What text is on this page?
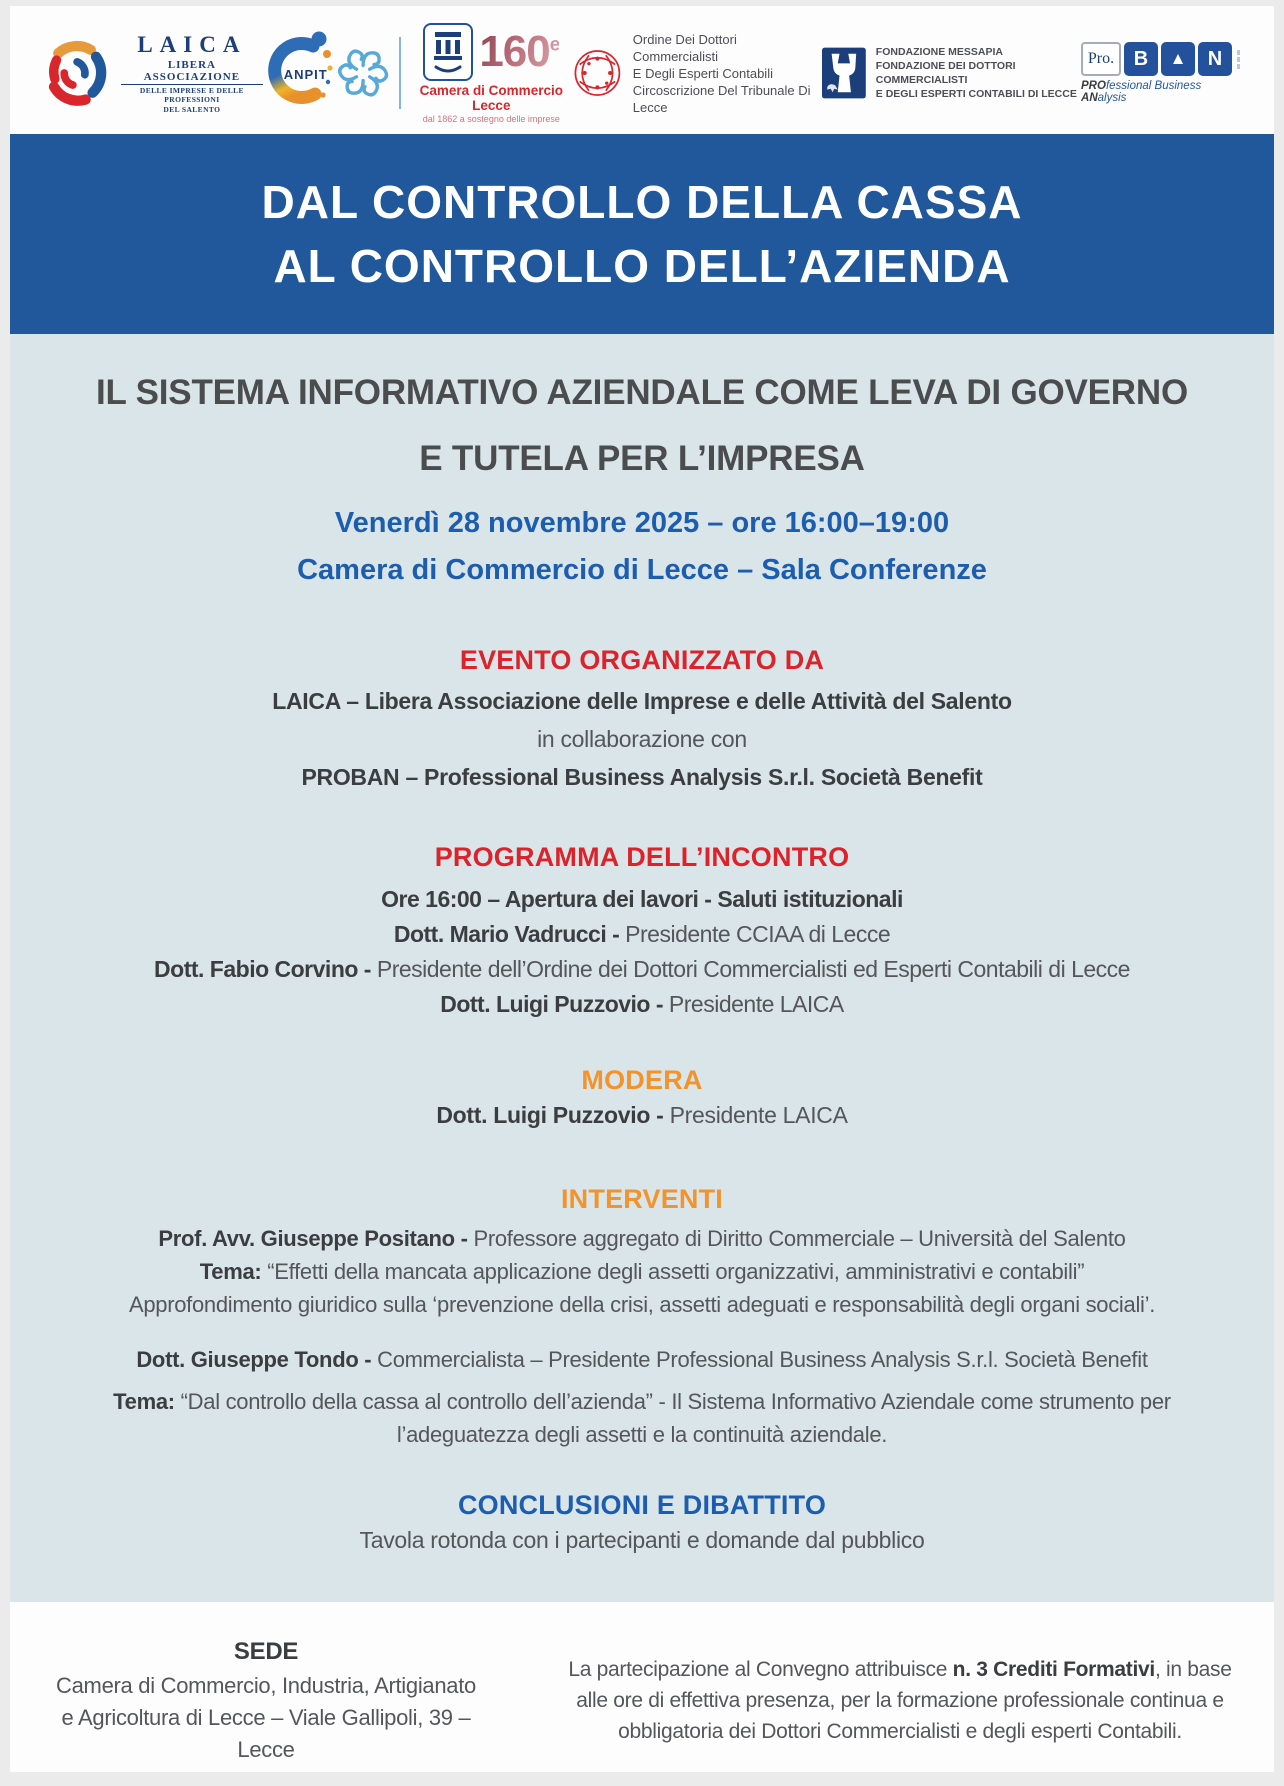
LAICA
LIBERA ASSOCIAZIONE
DELLE IMPRESE E DELLE PROFESSIONI
DEL SALENTO
ANPIT	160e
Camera di Commercio Lecce
dal 1862 a sostegno delle imprese
Ordine Dei Dottori Commercialisti
E Degli Esperti Contabili
Circoscrizione Del Tribunale Di Lecce
FONDAZIONE MESSAPIA
FONDAZIONE DEI DOTTORI COMMERCIALISTI
E DEGLI ESPERTI CONTABILI DI LECCE
Pro. B	▲	N
PROfessional Business ANalysis
DAL CONTROLLO DELLA CASSA
AL CONTROLLO DELL’AZIENDA
IL SISTEMA INFORMATIVO AZIENDALE COME LEVA DI GOVERNO
E TUTELA PER L’IMPRESA
Venerdì 28 novembre 2025 – ore 16:00–19:00
Camera di Commercio di Lecce – Sala Conferenze
EVENTO ORGANIZZATO DA
LAICA – Libera Associazione delle Imprese e delle Attività del Salento
in collaborazione con
PROBAN – Professional Business Analysis S.r.l. Società Benefit
PROGRAMMA DELL’INCONTRO
Ore 16:00 – Apertura dei lavori - Saluti istituzionali
Dott. Mario Vadrucci - Presidente CCIAA di Lecce
Dott. Fabio Corvino - Presidente dell’Ordine dei Dottori Commercialisti ed Esperti Contabili di Lecce
Dott. Luigi Puzzovio - Presidente LAICA
MODERA
Dott. Luigi Puzzovio - Presidente LAICA
INTERVENTI
Prof. Avv. Giuseppe Positano - Professore aggregato di Diritto Commerciale – Università del Salento
Tema: “Effetti della mancata applicazione degli assetti organizzativi, amministrativi e contabili”
Approfondimento giuridico sulla ‘prevenzione della crisi, assetti adeguati e responsabilità degli organi sociali’.
Dott. Giuseppe Tondo - Commercialista – Presidente Professional Business Analysis S.r.l. Società Benefit
Tema: “Dal controllo della cassa al controllo dell’azienda” - Il Sistema Informativo Aziendale come strumento per l’adeguatezza degli assetti e la continuità aziendale.
CONCLUSIONI E DIBATTITO
Tavola rotonda con i partecipanti e domande dal pubblico
SEDE
Camera di Commercio, Industria, Artigianato
e Agricoltura di Lecce – Viale Gallipoli, 39 – Lecce
La partecipazione al Convegno attribuisce n. 3 Crediti Formativi, in base alle ore di effettiva presenza, per la formazione professionale continua e obbligatoria dei Dottori Commercialisti e degli esperti Contabili.
